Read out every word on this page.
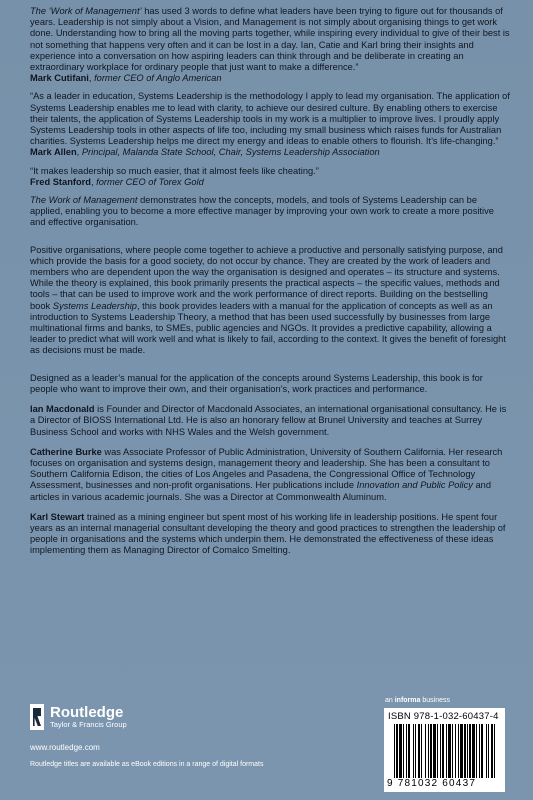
The ‘Work of Management’ has used 3 words to define what leaders have been trying to figure out for thousands of years. Leadership is not simply about a Vision, and Management is not simply about organising things to get work done. Understanding how to bring all the moving parts together, while inspiring every individual to give of their best is not something that happens very often and it can be lost in a day. Ian, Catie and Karl bring their insights and experience into a conversation on how aspiring leaders can think through and be deliberate in creating an extraordinary workplace for ordinary people that just want to make a difference.”
Mark Cutifani, former CEO of Anglo American

“As a leader in education, Systems Leadership is the methodology I apply to lead my organisation. The application of Systems Leadership enables me to lead with clarity, to achieve our desired culture. By enabling others to exercise their talents, the application of Systems Leadership tools in my work is a multiplier to improve lives. I proudly apply Systems Leadership tools in other aspects of life too, including my small business which raises funds for Australian charities. Systems Leadership helps me direct my energy and ideas to enable others to flourish. It’s life-changing.”
Mark Allen, Principal, Malanda State School, Chair, Systems Leadership Association

“It makes leadership so much easier, that it almost feels like cheating.”
Fred Stanford, former CEO of Torex Gold

The Work of Management demonstrates how the concepts, models, and tools of Systems Leadership can be applied, enabling you to become a more effective manager by improving your own work to create a more positive and effective organisation.

Positive organisations, where people come together to achieve a productive and personally satisfying purpose, and which provide the basis for a good society, do not occur by chance. They are created by the work of leaders and members who are dependent upon the way the organisation is designed and operates – its structure and systems. While the theory is explained, this book primarily presents the practical aspects – the specific values, methods and tools – that can be used to improve work and the work performance of direct reports. Building on the bestselling book Systems Leadership, this book provides leaders with a manual for the application of concepts as well as an introduction to Systems Leadership Theory, a method that has been used successfully by businesses from large multinational firms and banks, to SMEs, public agencies and NGOs. It provides a predictive capability, allowing a leader to predict what will work well and what is likely to fail, according to the context. It gives the benefit of foresight as decisions must be made.

Designed as a leader’s manual for the application of the concepts around Systems Leadership, this book is for people who want to improve their own, and their organisation’s, work practices and performance.

Ian Macdonald is Founder and Director of Macdonald Associates, an international organisational consultancy. He is a Director of BIOSS International Ltd. He is also an honorary fellow at Brunel University and teaches at Surrey Business School and works with NHS Wales and the Welsh government.

Catherine Burke was Associate Professor of Public Administration, University of Southern California. Her research focuses on organisation and systems design, management theory and leadership. She has been a consultant to Southern California Edison, the cities of Los Angeles and Pasadena, the Congressional Office of Technology Assessment, businesses and non-profit organisations. Her publications include Innovation and Public Policy and articles in various academic journals. She was a Director at Commonwealth Aluminum.

Karl Stewart trained as a mining engineer but spent most of his working life in leadership positions. He spent four years as an internal managerial consultant developing the theory and good practices to strengthen the leadership of people in organisations and the systems which underpin them. He demonstrated the effectiveness of these ideas implementing them as Managing Director of Comalco Smelting.

Routledge
Taylor & Francis Group
www.routledge.com
Routledge titles are available as eBook editions in a range of digital formats
an informa business
ISBN 978-1-032-60437-4
9 781032 60437
